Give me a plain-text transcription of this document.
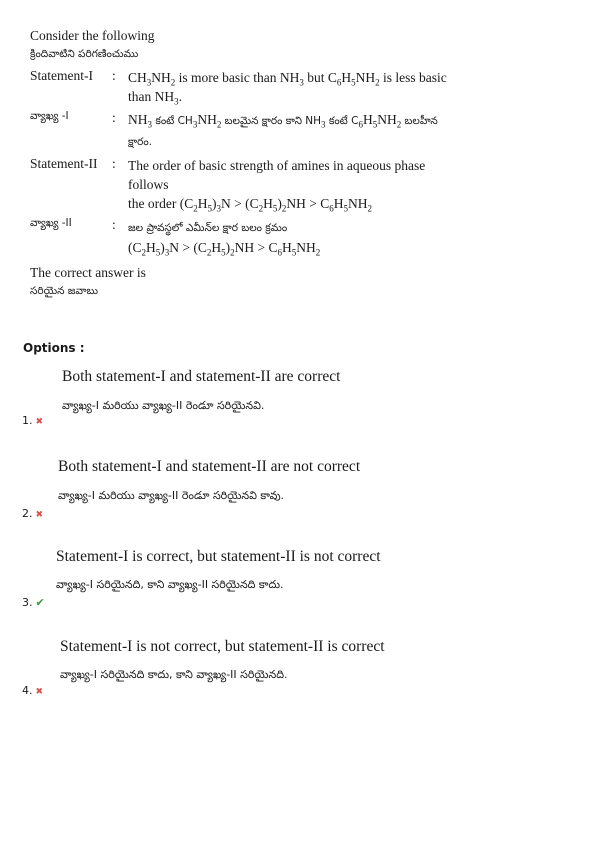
Consider the following

క్రిందివాటిని పరిగణించుము

Statement-I	: $CH_3NH_2$ is more basic than $NH_3$ but $C_6H_5NH_2$ is less basic
than $NH_3$.
వ్యాఖ్య -I	: $NH_3$ కంటే $CH_3NH_2$ బలమైన క్షారం కాని $NH_3$ కంటే $C_6H_5NH_2$ బలహీన
క్షారం.
Statement-II	: The order of basic strength of amines in aqueous phase follows
the order $(C_2H_5)_3N > (C_2H_5)_2NH > C_6H_5NH_2$
వ్యాఖ్య -II	:	జల ప్రావస్థలో ఎమీన్‌ల క్షార బలం క్రమం
$(C_2H_5)_3N > (C_2H_5)_2NH > C_6H_5NH_2$

The correct answer is

సరియైన జవాబు

Options :

Both statement-I and statement-II are correct
వ్యాఖ్య-I మరియు వ్యాఖ్య-II రెండూ సరియైనవి.
1. ✖
Both statement-I and statement-II are not correct
వ్యాఖ్య-I మరియు వ్యాఖ్య-II రెండూ సరియైనవి కావు.
2. ✖
Statement-I is correct, but statement-II is not correct
వ్యాఖ్య-I సరియైనది, కాని వ్యాఖ్య-II సరియైనది కాదు.
3. ✔
Statement-I is not correct, but statement-II is correct
వ్యాఖ్య-I సరియైనది కాదు, కాని వ్యాఖ్య-II సరియైనది.
4. ✖
